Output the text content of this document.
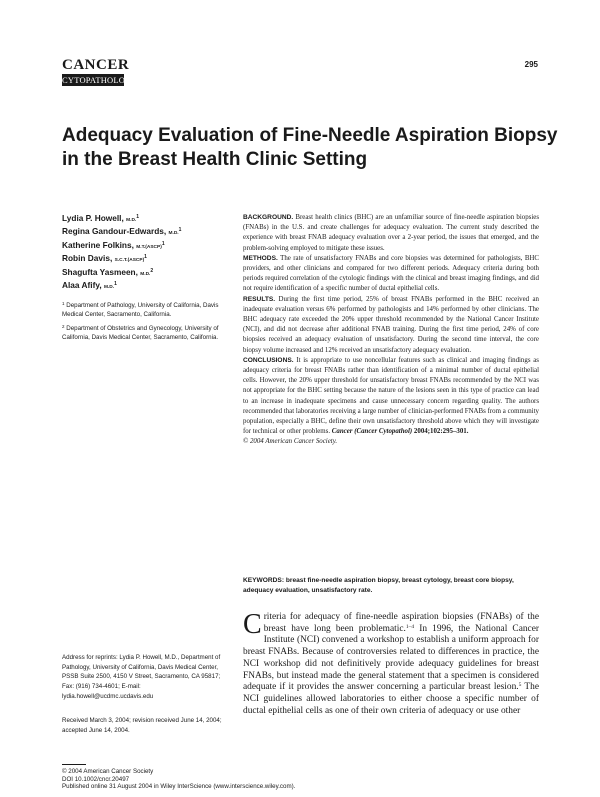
CANCER
CYTOPATHOLOGY
295
Adequacy Evaluation of Fine-Needle Aspiration Biopsy
in the Breast Health Clinic Setting
Lydia P. Howell, M.D.$^1$
Regina Gandour-Edwards, M.D.$^1$
Katherine Folkins, M.T.(ASCP)$^1$
Robin Davis, S.C.T.(ASCP)$^1$
Shagufta Yasmeen, M.D.$^2$
Alaa Afify, M.D.$^1$
$^1$ Department of Pathology, University of California, Davis Medical Center, Sacramento, California.
$^2$ Department of Obstetrics and Gynecology, University of California, Davis Medical Center, Sacramento, California.

BACKGROUND. Breast health clinics (BHC) are an unfamiliar source of fine-needle aspiration biopsies (FNABs) in the U.S. and create challenges for adequacy evaluation. The current study described the experience with breast FNAB adequacy evaluation over a 2-year period, the issues that emerged, and the problem-solving employed to mitigate these issues.

METHODS. The rate of unsatisfactory FNABs and core biopsies was determined for pathologists, BHC providers, and other clinicians and compared for two different periods. Adequacy criteria during both periods required correlation of the cytologic findings with the clinical and breast imaging findings, and did not require identification of a specific number of ductal epithelial cells.

RESULTS. During the first time period, 25% of breast FNABs performed in the BHC received an inadequate evaluation versus 6% performed by pathologists and 14% performed by other clinicians. The BHC adequacy rate exceeded the 20% upper threshold recommended by the National Cancer Institute (NCI), and did not decrease after additional FNAB training. During the first time period, 24% of core biopsies received an adequacy evaluation of unsatisfactory. During the second time interval, the core biopsy volume increased and 12% received an unsatisfactory adequacy evaluation.

CONCLUSIONS. It is appropriate to use noncellular features such as clinical and imaging findings as adequacy criteria for breast FNABs rather than identification of a minimal number of ductal epithelial cells. However, the 20% upper threshold for unsatisfactory breast FNABs recommended by the NCI was not appropriate for the BHC setting because the nature of the lesions seen in this type of practice can lead to an increase in inadequate specimens and cause unnecessary concern regarding quality. The authors recommended that laboratories receiving a large number of clinician-performed FNABs from a community population, especially a BHC, define their own unsatisfactory threshold above which they will investigate for technical or other problems. Cancer (Cancer Cytopathol) 2004;102:295–301.

© 2004 American Cancer Society.

KEYWORDS: breast fine-needle aspiration biopsy, breast cytology, breast core biopsy, adequacy evaluation, unsatisfactory rate.
Criteria for adequacy of fine-needle aspiration biopsies (FNABs) of the breast have long been problematic.$^{1-4}$ In 1996, the National Cancer Institute (NCI) convened a workshop to establish a uniform approach for breast FNABs. Because of controversies related to differences in practice, the NCI workshop did not definitively provide adequacy guidelines for breast FNABs, but instead made the general statement that a specimen is considered adequate if it provides the answer concerning a particular breast lesion.$^5$ The NCI guidelines allowed laboratories to either choose a specific number of ductal epithelial cells as one of their own criteria of adequacy or use other
Address for reprints: Lydia P. Howell, M.D., Department of Pathology, University of California, Davis Medical Center, PSSB Suite 2500, 4150 V Street, Sacramento, CA 95817; Fax: (916) 734-4601; E-mail: lydia.howell@ucdmc.ucdavis.edu
Received March 3, 2004; revision received June 14, 2004; accepted June 14, 2004.
© 2004 American Cancer Society
DOI 10.1002/cncr.20497
Published online 31 August 2004 in Wiley InterScience (www.interscience.wiley.com).
